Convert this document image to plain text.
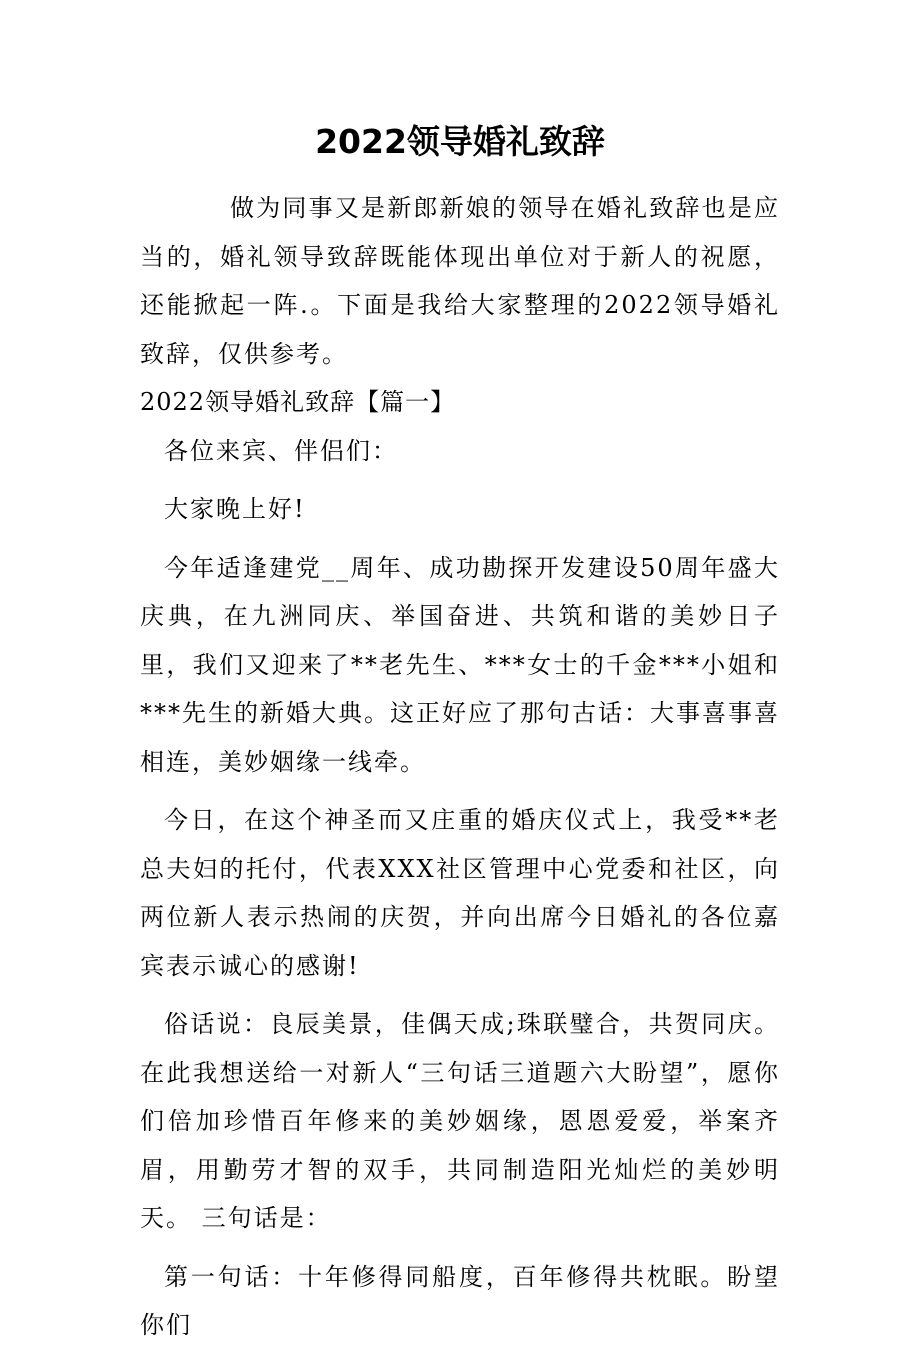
2022领导婚礼致辞

做为同事又是新郎新娘的领导在婚礼致辞也是应当的，婚礼领导致辞既能体现出单位对于新人的祝愿，还能掀起一阵.。下面是我给大家整理的2022领导婚礼致辞，仅供参考。

2022领导婚礼致辞【篇一】

各位来宾、伴侣们：

大家晚上好!

今年适逢建党__周年、成功勘探开发建设50周年盛大庆典，在九洲同庆、举国奋进、共筑和谐的美妙日子里，我们又迎来了**老先生、***女士的千金***小姐和***先生的新婚大典。这正好应了那句古话：大事喜事喜相连，美妙姻缘一线牵。

今日，在这个神圣而又庄重的婚庆仪式上，我受**老总夫妇的托付，代表XXX社区管理中心党委和社区，向两位新人表示热闹的庆贺，并向出席今日婚礼的各位嘉宾表示诚心的感谢!

俗话说：良辰美景，佳偶天成;珠联璧合，共贺同庆。在此我想送给一对新人“三句话三道题六大盼望”，愿你们倍加珍惜百年修来的美妙姻缘，恩恩爱爱，举案齐眉，用勤劳才智的双手，共同制造阳光灿烂的美妙明天。 三句话是：

第一句话：十年修得同船度，百年修得共枕眠。盼望你们
